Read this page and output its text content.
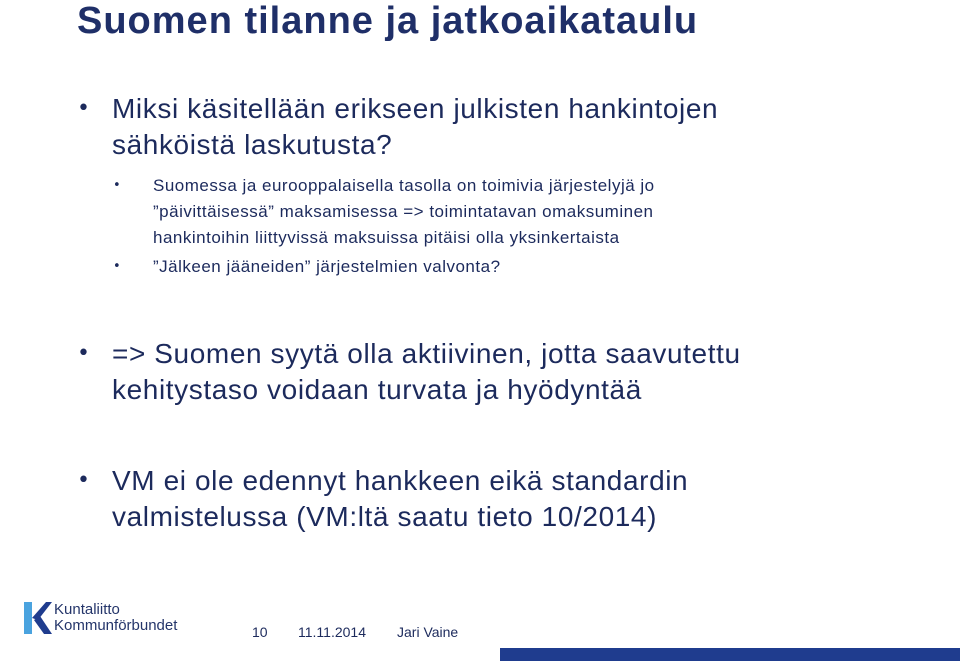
Suomen tilanne ja jatkoaikataulu
• Miksi käsitellään erikseen julkisten hankintojen
sähköistä laskutusta?
• Suomessa ja eurooppalaisella tasolla on toimivia järjestelyjä jo
”päivittäisessä” maksamisessa => toimintatavan omaksuminen
hankintoihin liittyvissä maksuissa pitäisi olla yksinkertaista
• ”Jälkeen jääneiden” järjestelmien valvonta?
• => Suomen syytä olla aktiivinen, jotta saavutettu
kehitystaso voidaan turvata ja hyödyntää
• VM ei ole edennyt hankkeen eikä standardin
valmistelussa (VM:ltä saatu tieto 10/2014)
Kuntaliitto
Kommunförbundet	10 11.11.2014 Jari Vaine
